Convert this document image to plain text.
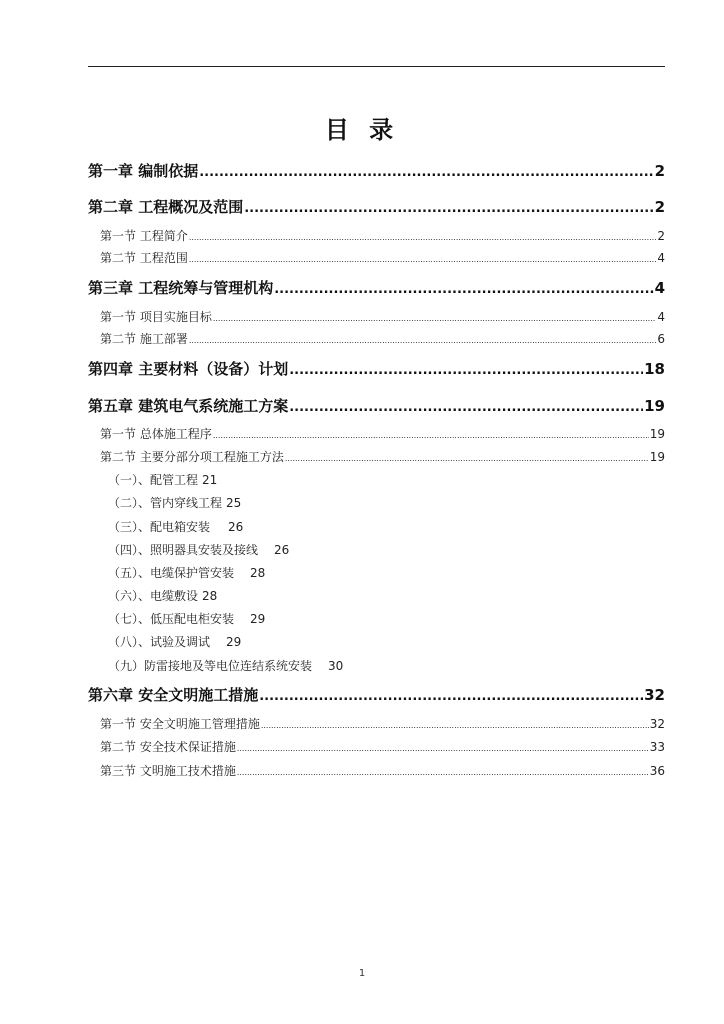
目 录
第一章 编制依据 .....	2
第二章 工程概况及范围 .....	2
第一节 工程简介 .....	2
第二节 工程范围 .....	4
第三章 工程统筹与管理机构 .....	4
第一节 项目实施目标 .....	4
第二节 施工部署 .....	6
第四章 主要材料（设备）计划 .....	18
第五章 建筑电气系统施工方案 .....	19
第一节 总体施工程序 .....	19
第二节 主要分部分项工程施工方法 .....	19
（一）、配管工程 21
（二）、管内穿线工程 25
（三）、配电箱安装 26
（四）、照明器具安装及接线 26
（五）、电缆保护管安装 28
（六）、电缆敷设 28
（七）、低压配电柜安装 29
（八）、试验及调试 29
（九）防雷接地及等电位连结系统安装 30
第六章 安全文明施工措施 .....	32
第一节 安全文明施工管理措施 .....	32
第二节 安全技术保证措施 .....	33
第三节 文明施工技术措施 .....	36
1
